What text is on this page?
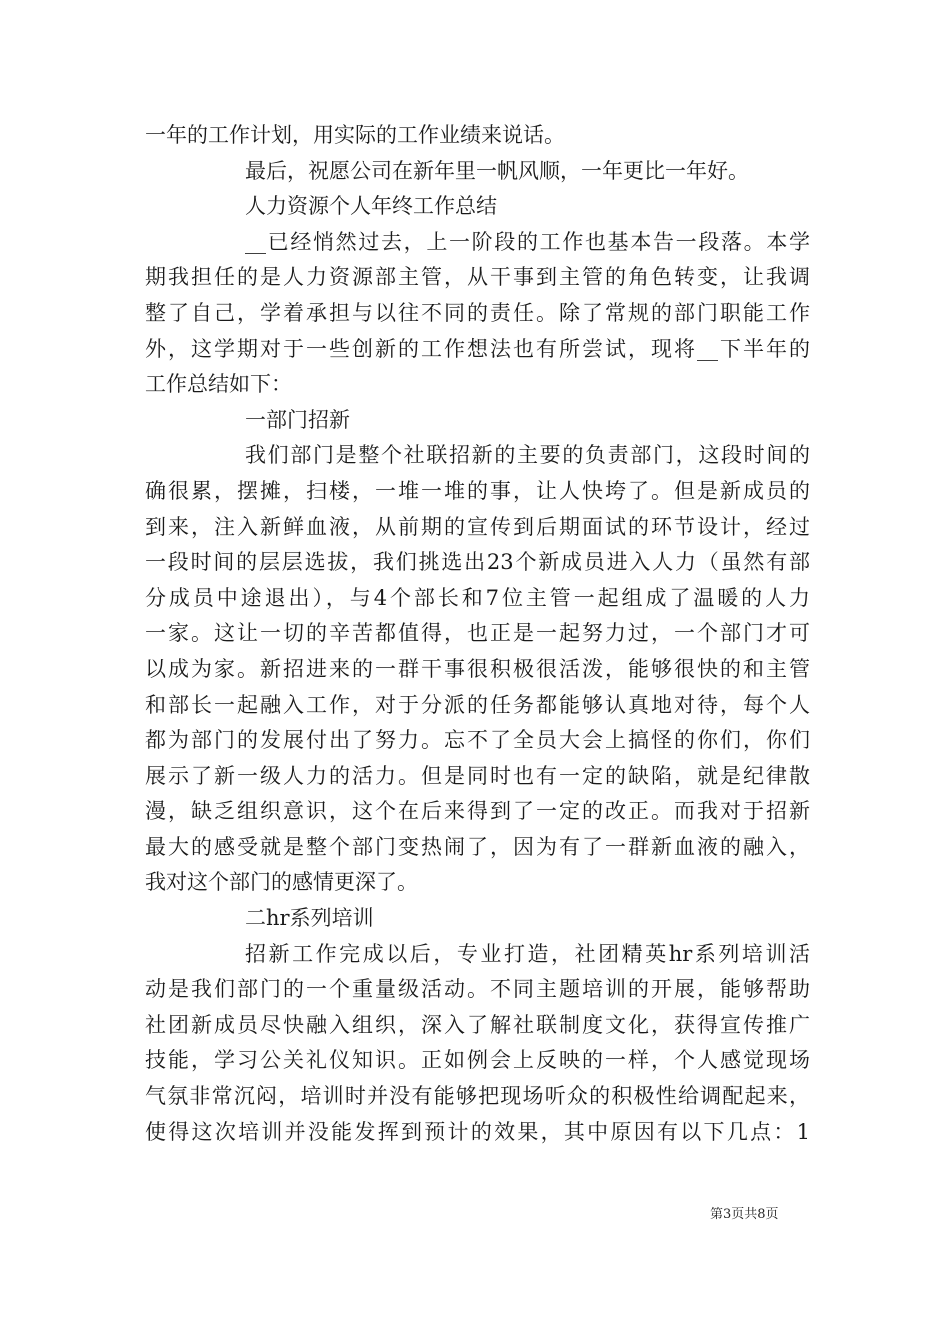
一年的工作计划，用实际的工作业绩来说话。
最后，祝愿公司在新年里一帆风顺，一年更比一年好。
人力资源个人年终工作总结
__已经悄然过去，上一阶段的工作也基本告一段落。本学
期我担任的是人力资源部主管，从干事到主管的角色转变，让我调
整了自己，学着承担与以往不同的责任。除了常规的部门职能工作
外，这学期对于一些创新的工作想法也有所尝试，现将__下半年的
工作总结如下：
一部门招新
我们部门是整个社联招新的主要的负责部门，这段时间的
确很累，摆摊，扫楼，一堆一堆的事，让人快垮了。但是新成员的
到来，注入新鲜血液，从前期的宣传到后期面试的环节设计，经过
一段时间的层层选拔，我们挑选出23个新成员进入人力（虽然有部
分成员中途退出），与4个部长和7位主管一起组成了温暖的人力
一家。这让一切的辛苦都值得，也正是一起努力过，一个部门才可
以成为家。新招进来的一群干事很积极很活泼，能够很快的和主管
和部长一起融入工作，对于分派的任务都能够认真地对待，每个人
都为部门的发展付出了努力。忘不了全员大会上搞怪的你们，你们
展示了新一级人力的活力。但是同时也有一定的缺陷，就是纪律散
漫，缺乏组织意识，这个在后来得到了一定的改正。而我对于招新
最大的感受就是整个部门变热闹了，因为有了一群新血液的融入，
我对这个部门的感情更深了。
二hr系列培训
招新工作完成以后，专业打造，社团精英hr系列培训活
动是我们部门的一个重量级活动。不同主题培训的开展，能够帮助
社团新成员尽快融入组织，深入了解社联制度文化，获得宣传推广
技能，学习公关礼仪知识。正如例会上反映的一样，个人感觉现场
气氛非常沉闷，培训时并没有能够把现场听众的积极性给调配起来，
使得这次培训并没能发挥到预计的效果，其中原因有以下几点：1
第3页共8页
